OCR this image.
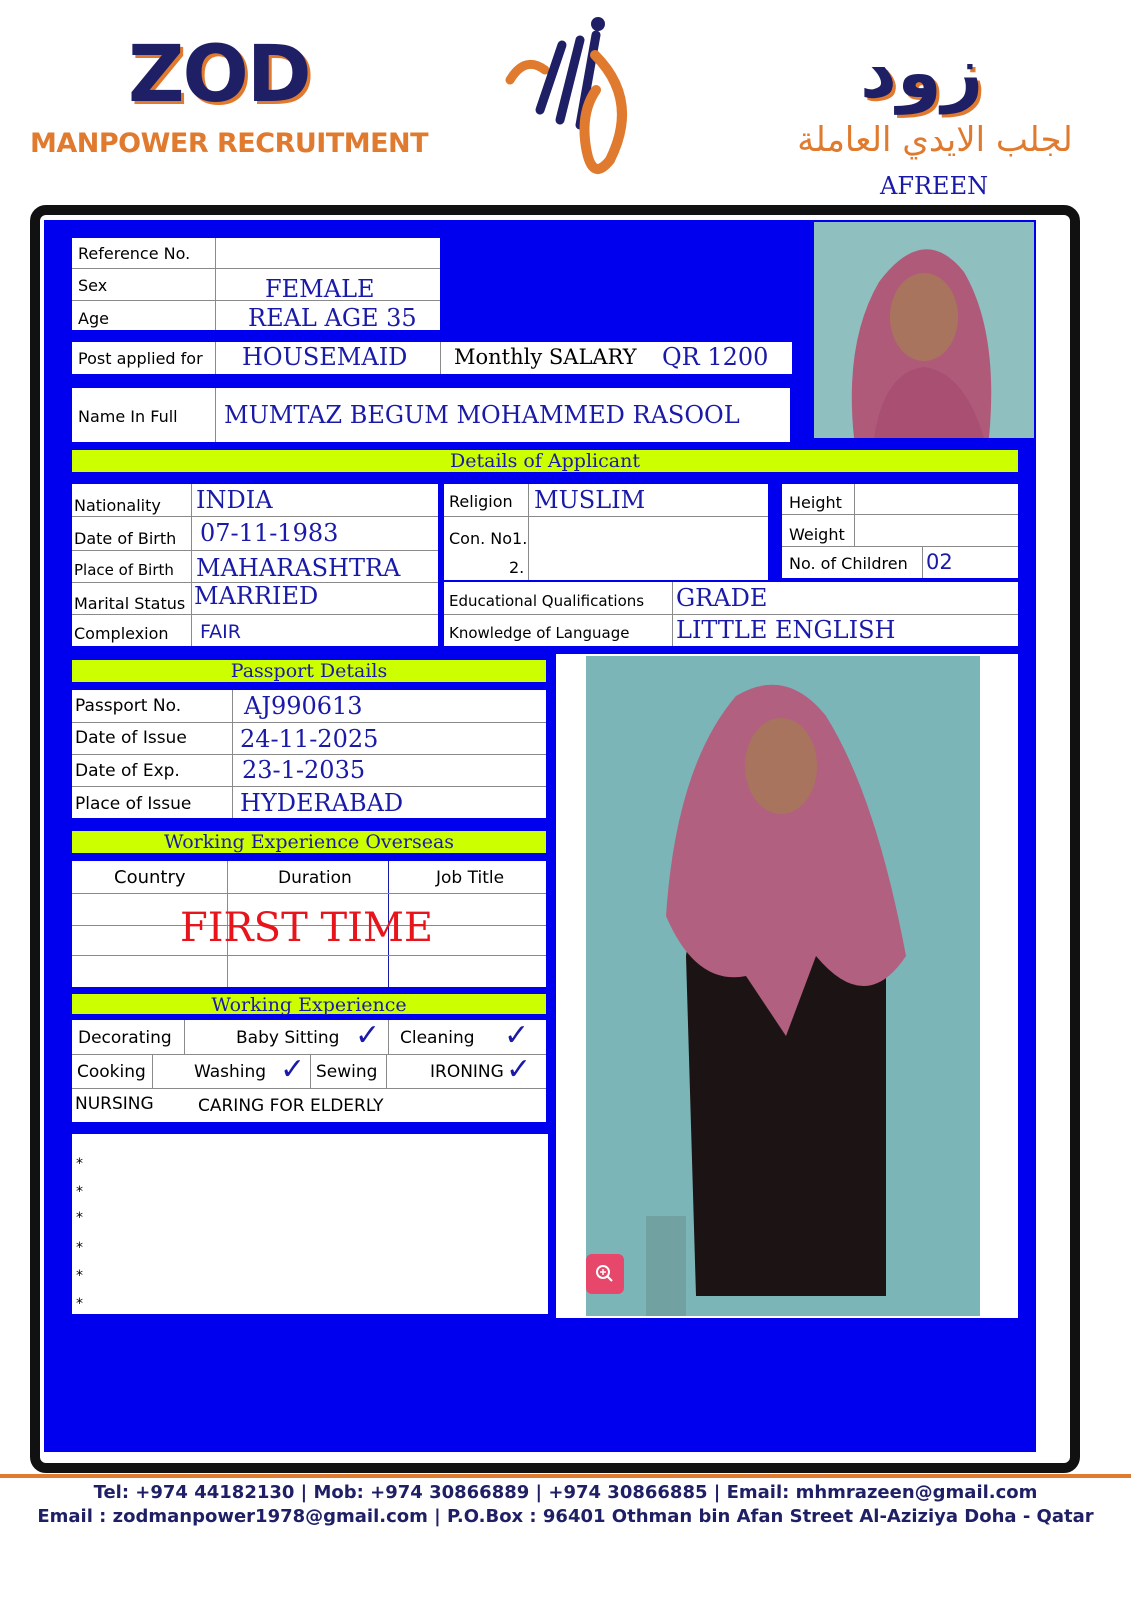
ZOD
MANPOWER RECRUITMENT
زود
لجلب الايدي العاملة
AFREEN
Reference No.
Sex	FEMALE
Age	REAL AGE 35
Post applied for HOUSEMAID Monthly SALARY QR 1200
Name In Full MUMTAZ BEGUM MOHAMMED RASOOL
Details of Applicant
Nationality INDIA
Date of Birth 07-11-1983
Place of Birth MAHARASHTRA
Marital Status MARRIED
Complexion FAIR
Religion MUSLIM
Con. No1.
2.
Height
Weight
No. of Children 02
Educational Qualifications GRADE
Knowledge of Language LITTLE ENGLISH
Passport Details
Passport No.	AJ990613
Date of Issue 24-11-2025
Date of Exp.	23-1-2035
Place of Issue HYDERABAD
Working Experience Overseas
Country	Duration	Job Title
FIRST TIME
Working Experience
Decorating	Baby Sitting ✓ Cleaning ✓
Cooking	Washing ✓ Sewing	IRONING ✓
NURSING	CARING FOR ELDERLY
*
*
*
*
*
*
Tel: +974 44182130 | Mob: +974 30866889 | +974 30866885 | Email: mhmrazeen@gmail.com
Email : zodmanpower1978@gmail.com | P.O.Box : 96401 Othman bin Afan Street Al-Aziziya Doha - Qatar
